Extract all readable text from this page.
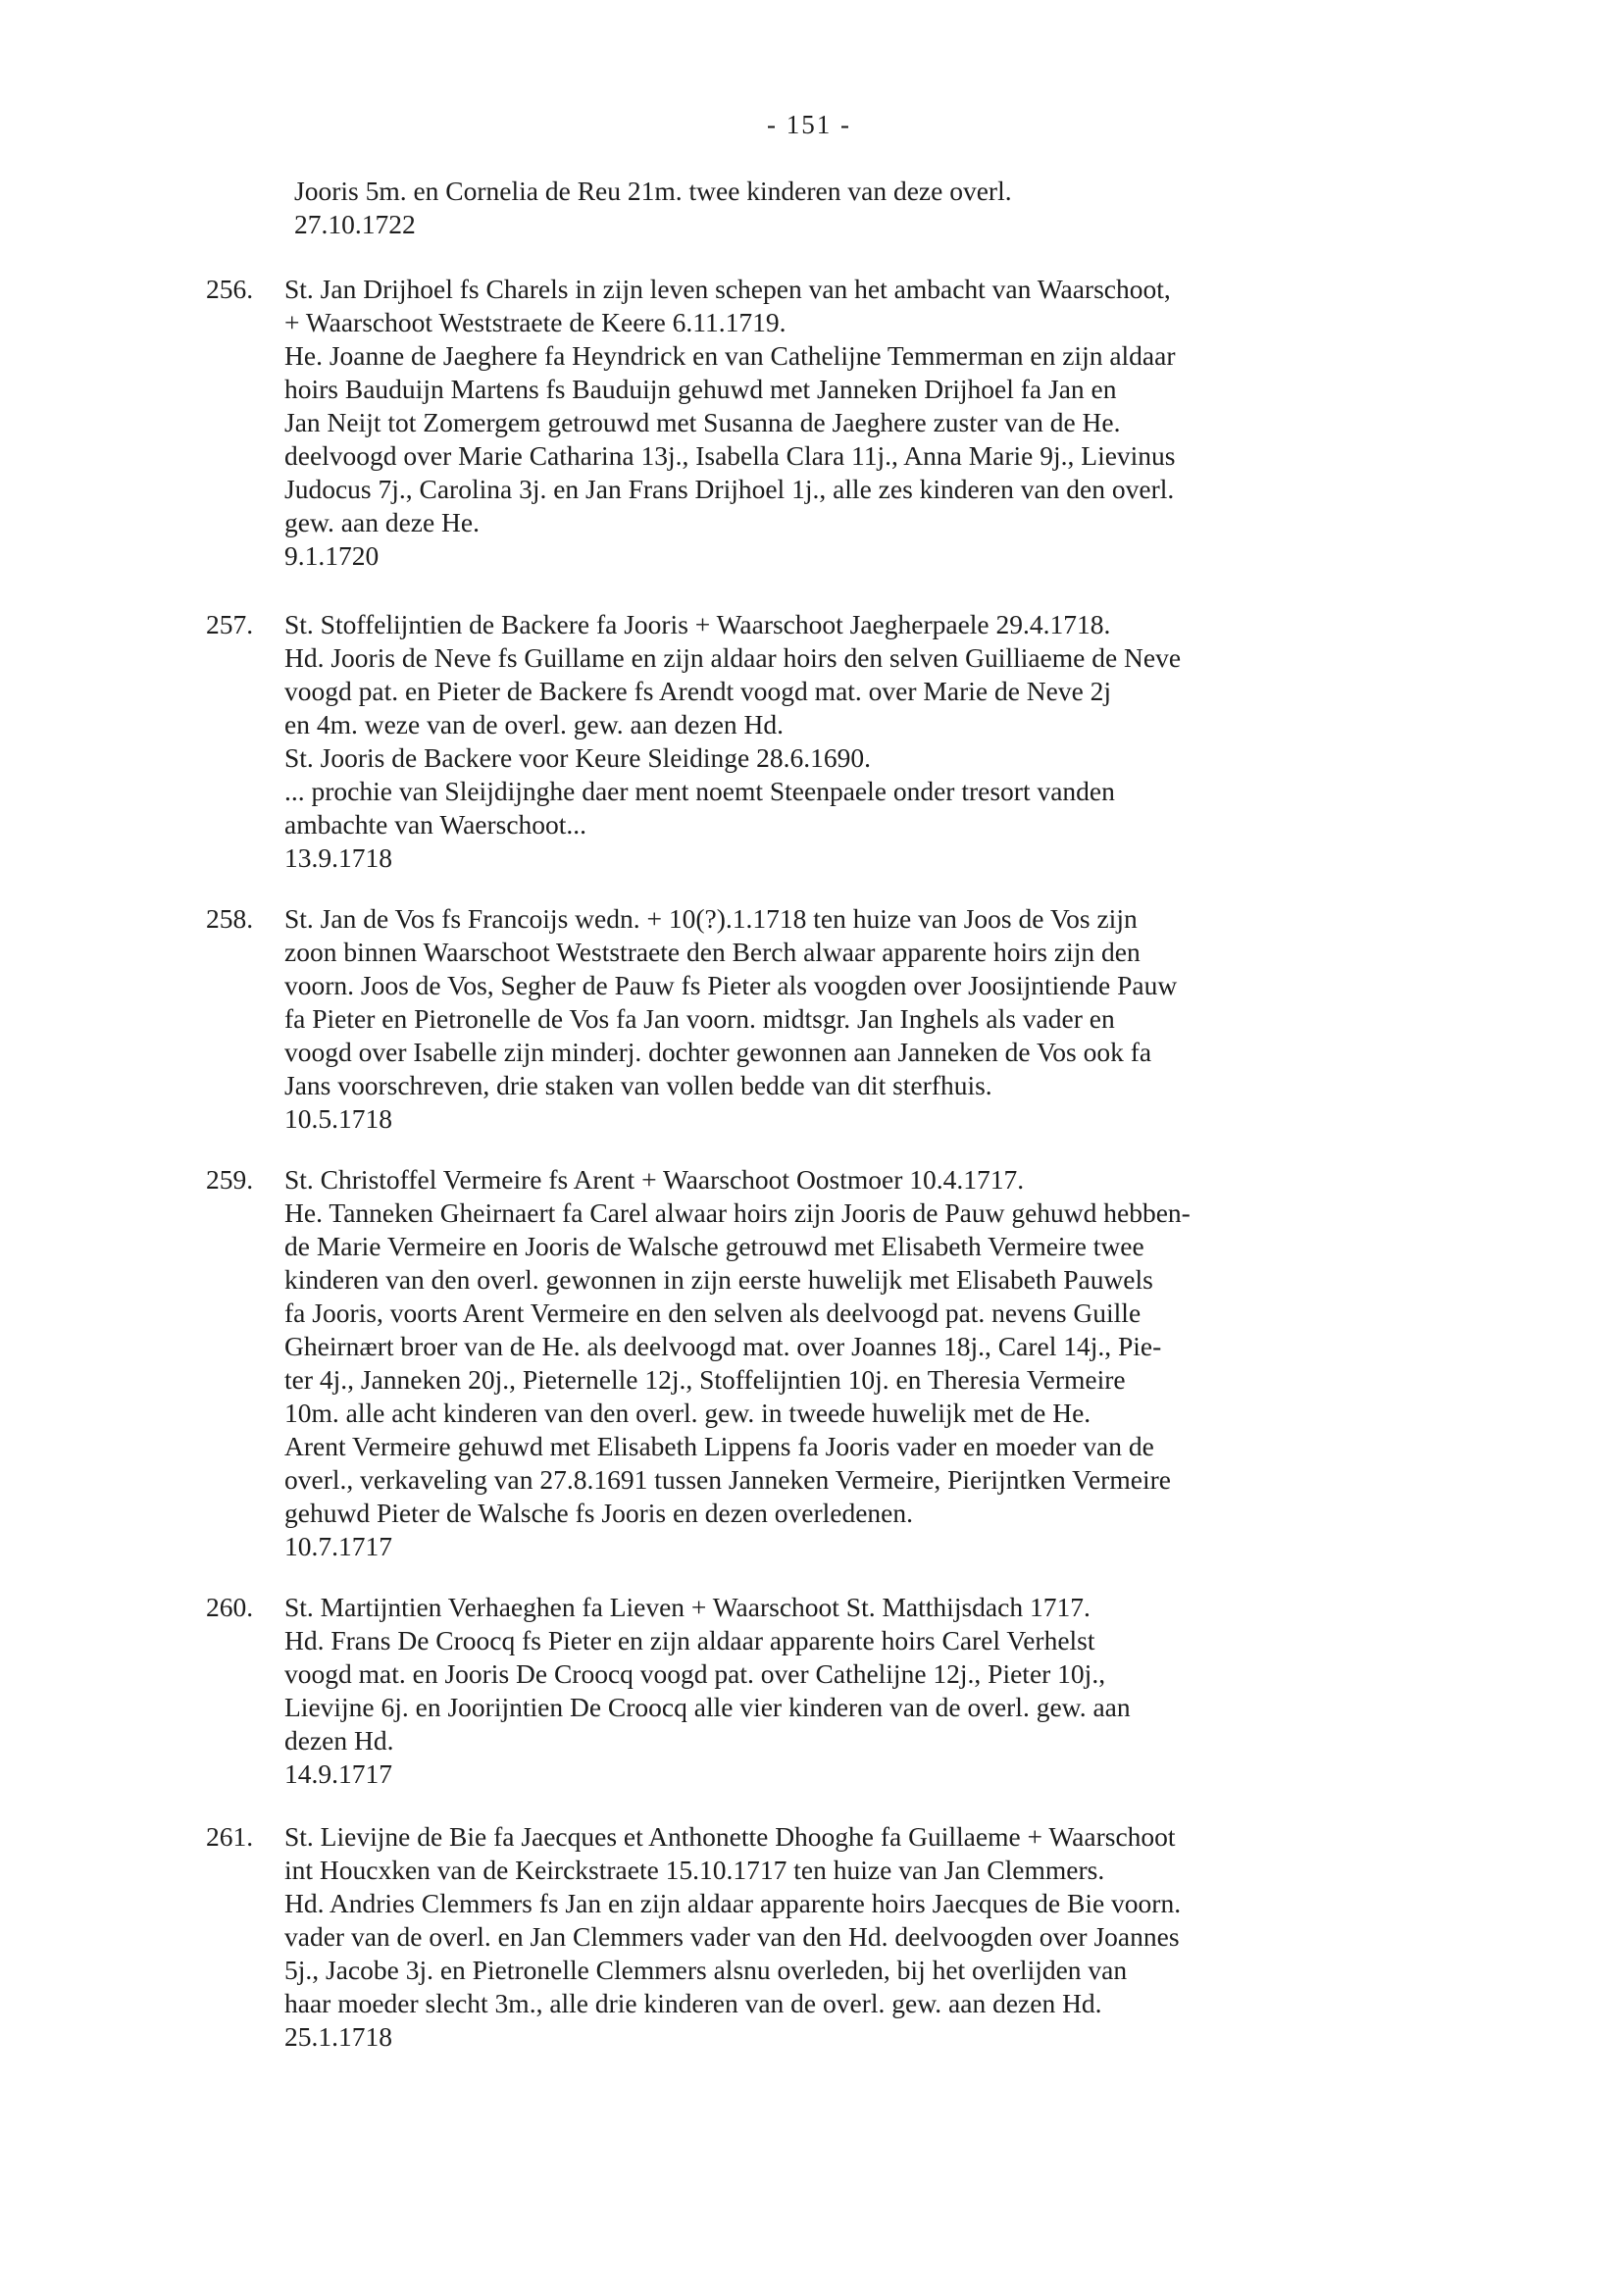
- 151 -
Jooris 5m. en Cornelia de Reu 21m. twee kinderen van deze overl.
27.10.1722
256.	St. Jan Drijhoel fs Charels in zijn leven schepen van het ambacht van Waarschoot,
+ Waarschoot Weststraete de Keere 6.11.1719.
He. Joanne de Jaeghere fa Heyndrick en van Cathelijne Temmerman en zijn aldaar
hoirs Bauduijn Martens fs Bauduijn gehuwd met Janneken Drijhoel fa Jan en
Jan Neijt tot Zomergem getrouwd met Susanna de Jaeghere zuster van de He.
deelvoogd over Marie Catharina 13j., Isabella Clara 11j., Anna Marie 9j., Lievinus
Judocus 7j., Carolina 3j. en Jan Frans Drijhoel 1j., alle zes kinderen van den overl.
gew. aan deze He.
9.1.1720
257.	St. Stoffelijntien de Backere fa Jooris + Waarschoot Jaegherpaele 29.4.1718.
Hd. Jooris de Neve fs Guillame en zijn aldaar hoirs den selven Guilliaeme de Neve
voogd pat. en Pieter de Backere fs Arendt voogd mat. over Marie de Neve 2j
en 4m. weze van de overl. gew. aan dezen Hd.
St. Jooris de Backere voor Keure Sleidinge 28.6.1690.
... prochie van Sleijdijnghe daer ment noemt Steenpaele onder tresort vanden
ambachte van Waerschoot...
13.9.1718
258.	St. Jan de Vos fs Francoijs wedn. + 10(?).1.1718 ten huize van Joos de Vos zijn
zoon binnen Waarschoot Weststraete den Berch alwaar apparente hoirs zijn den
voorn. Joos de Vos, Segher de Pauw fs Pieter als voogden over Joosijntiende Pauw
fa Pieter en Pietronelle de Vos fa Jan voorn. midtsgr. Jan Inghels als vader en
voogd over Isabelle zijn minderj. dochter gewonnen aan Janneken de Vos ook fa
Jans voorschreven, drie staken van vollen bedde van dit sterfhuis.
10.5.1718
259.	St. Christoffel Vermeire fs Arent + Waarschoot Oostmoer 10.4.1717.
He. Tanneken Gheirnaert fa Carel alwaar hoirs zijn Jooris de Pauw gehuwd hebben-
de Marie Vermeire en Jooris de Walsche getrouwd met Elisabeth Vermeire twee
kinderen van den overl. gewonnen in zijn eerste huwelijk met Elisabeth Pauwels
fa Jooris, voorts Arent Vermeire en den selven als deelvoogd pat. nevens Guille
Gheirnært broer van de He. als deelvoogd mat. over Joannes 18j., Carel 14j., Pie-
ter 4j., Janneken 20j., Pieternelle 12j., Stoffelijntien 10j. en Theresia Vermeire
10m. alle acht kinderen van den overl. gew. in tweede huwelijk met de He.
Arent Vermeire gehuwd met Elisabeth Lippens fa Jooris vader en moeder van de
overl., verkaveling van 27.8.1691 tussen Janneken Vermeire, Pierijntken Vermeire
gehuwd Pieter de Walsche fs Jooris en dezen overledenen.
10.7.1717
260.	St. Martijntien Verhaeghen fa Lieven + Waarschoot St. Matthijsdach 1717.
Hd. Frans De Croocq fs Pieter en zijn aldaar apparente hoirs Carel Verhelst
voogd mat. en Jooris De Croocq voogd pat. over Cathelijne 12j., Pieter 10j.,
Lievijne 6j. en Joorijntien De Croocq alle vier kinderen van de overl. gew. aan
dezen Hd.
14.9.1717
261.	St. Lievijne de Bie fa Jaecques et Anthonette Dhooghe fa Guillaeme + Waarschoot
int Houcxken van de Keirckstraete 15.10.1717 ten huize van Jan Clemmers.
Hd. Andries Clemmers fs Jan en zijn aldaar apparente hoirs Jaecques de Bie voorn.
vader van de overl. en Jan Clemmers vader van den Hd. deelvoogden over Joannes
5j., Jacobe 3j. en Pietronelle Clemmers alsnu overleden, bij het overlijden van
haar moeder slecht 3m., alle drie kinderen van de overl. gew. aan dezen Hd.
25.1.1718
